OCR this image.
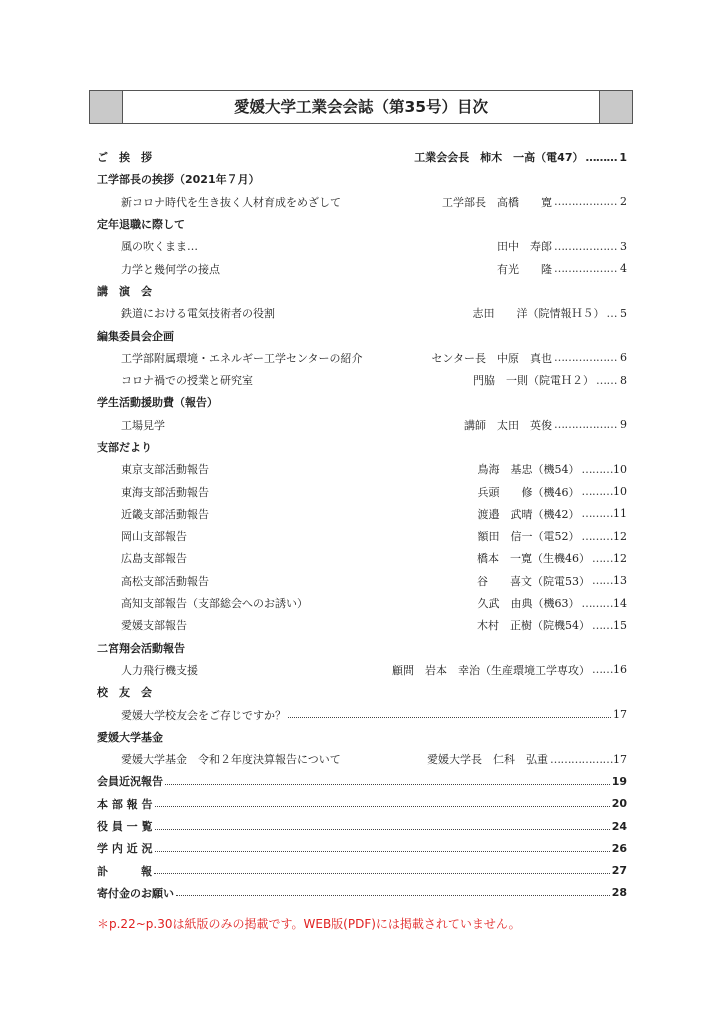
愛媛大学工業会会誌（第35号）目次
ご　挨　拶	工業会会長　柿木　一高（電47） ……… 1
工学部長の挨拶（2021年７月）
新コロナ時代を生き抜く人材育成をめざして	工学部長　高橋　　寛 ……………… 2
定年退職に際して
風の吹くまま…	田中　寿郎 ……………… 3
力学と幾何学の接点	有光　　隆 ……………… 4
講　演　会
鉄道における電気技術者の役割	志田　　洋（院情報Ｈ５） … 5
編集委員会企画
工学部附属環境・エネルギー工学センターの紹介	センター長　中原　真也 ……………… 6
コロナ禍での授業と研究室	門脇　一則（院電Ｈ２） …… 8
学生活動援助費（報告）
工場見学	講師　太田　英俊 ……………… 9
支部だより
東京支部活動報告	鳥海　基忠（機54） ……… 10
東海支部活動報告	兵頭　　修（機46） ……… 10
近畿支部活動報告	渡邉　武晴（機42） ……… 11
岡山支部報告	額田　信一（電52） ……… 12
広島支部報告	橋本　一寛（生機46） …… 12
高松支部活動報告	谷　　喜文（院電53） …… 13
高知支部報告（支部総会へのお誘い）	久武　由典（機63） ……… 14
愛媛支部報告	木村　正樹（院機54） …… 15
二宮翔会活動報告
人力飛行機支援	顧問　岩本　幸治（生産環境工学専攻） …… 16
校　友　会
愛媛大学校友会をご存じですか？	17
愛媛大学基金
愛媛大学基金　令和２年度決算報告について	愛媛大学長　仁科　弘重 ……………… 17
会員近況報告	19
本 部 報 告	20
役 員 一 覧	24
学 内 近 況	26
訃　　　報	27
寄付金のお願い	28
＊p.22~p.30は紙版のみの掲載です。WEB版(PDF)には掲載されていません。
